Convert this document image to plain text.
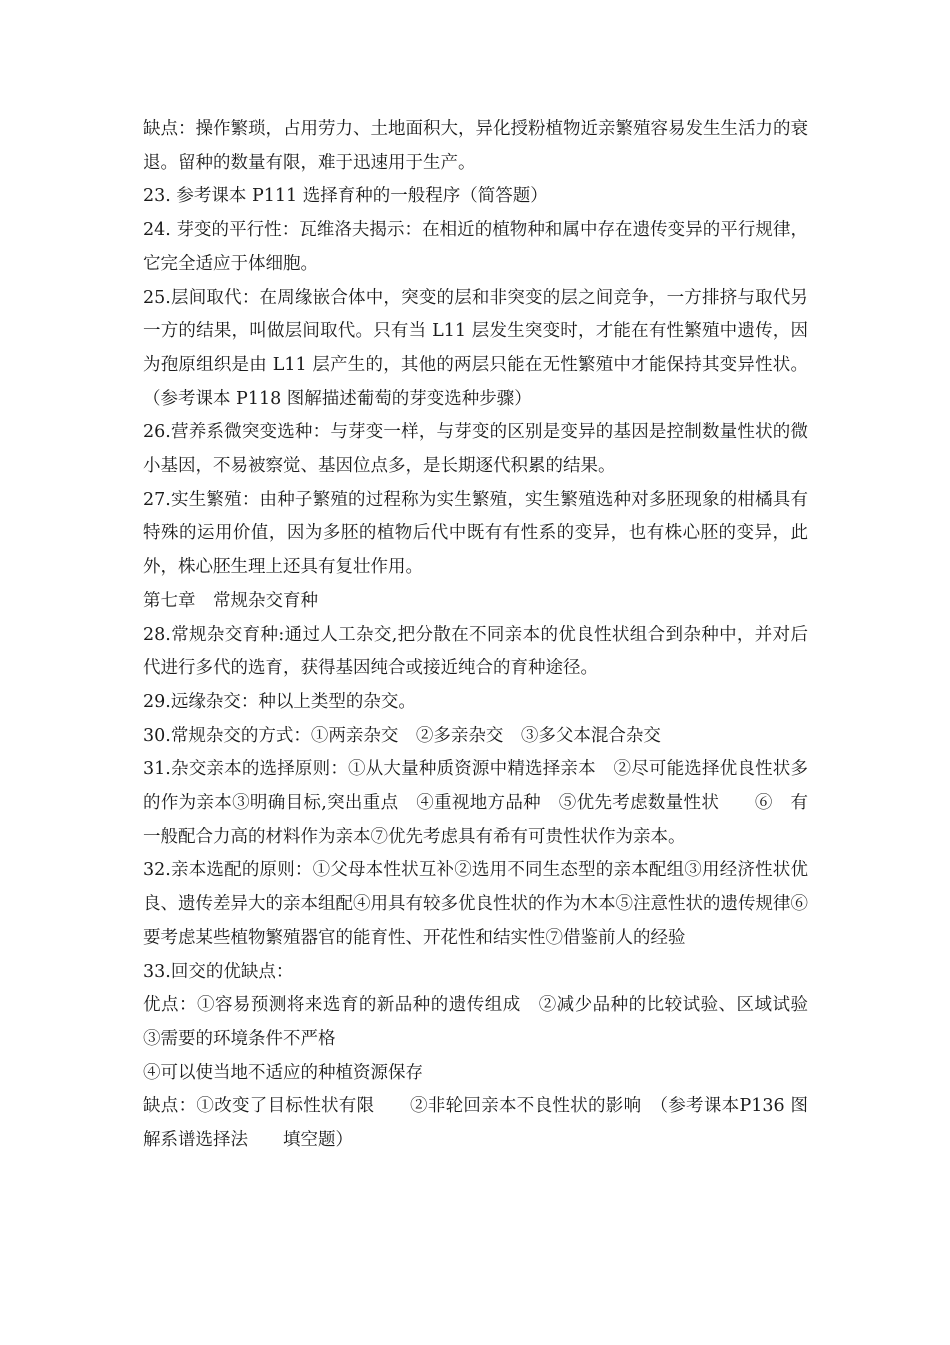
缺点：操作繁琐，占用劳力、土地面积大，异化授粉植物近亲繁殖容易发生生活力的衰退。留种的数量有限，难于迅速用于生产。

23. 参考课本 P111 选择育种的一般程序（简答题）

24. 芽变的平行性：瓦维洛夫揭示：在相近的植物种和属中存在遗传变异的平行规律，它完全适应于体细胞。

25.层间取代：在周缘嵌合体中，突变的层和非突变的层之间竞争，一方排挤与取代另一方的结果，叫做层间取代。只有当 L11 层发生突变时，才能在有性繁殖中遗传，因为孢原组织是由 L11 层产生的，其他的两层只能在无性繁殖中才能保持其变异性状。（参考课本 P118 图解描述葡萄的芽变选种步骤）

26.营养系微突变选种：与芽变一样，与芽变的区别是变异的基因是控制数量性状的微小基因，不易被察觉、基因位点多，是长期逐代积累的结果。

27.实生繁殖：由种子繁殖的过程称为实生繁殖，实生繁殖选种对多胚现象的柑橘具有特殊的运用价值，因为多胚的植物后代中既有有性系的变异，也有株心胚的变异，此外，株心胚生理上还具有复壮作用。

第七章　常规杂交育种

28.常规杂交育种:通过人工杂交,把分散在不同亲本的优良性状组合到杂种中，并对后代进行多代的选育，获得基因纯合或接近纯合的育种途径。

29.远缘杂交：种以上类型的杂交。

30.常规杂交的方式：①两亲杂交　②多亲杂交　③多父本混合杂交

31.杂交亲本的选择原则：①从大量种质资源中精选择亲本　②尽可能选择优良性状多的作为亲本③明确目标,突出重点　④重视地方品种　⑤优先考虑数量性状　　⑥　有一般配合力高的材料作为亲本⑦优先考虑具有希有可贵性状作为亲本。

32.亲本选配的原则：①父母本性状互补②选用不同生态型的亲本配组③用经济性状优良、遗传差异大的亲本组配④用具有较多优良性状的作为木本⑤注意性状的遗传规律⑥要考虑某些植物繁殖器官的能育性、开花性和结实性⑦借鉴前人的经验

33.回交的优缺点：

优点：①容易预测将来选育的新品种的遗传组成　②减少品种的比较试验、区域试验　③需要的环境条件不严格

④可以使当地不适应的种植资源保存

缺点：①改变了目标性状有限　　②非轮回亲本不良性状的影响　（参考课本P136 图解系谱选择法　　填空题）
